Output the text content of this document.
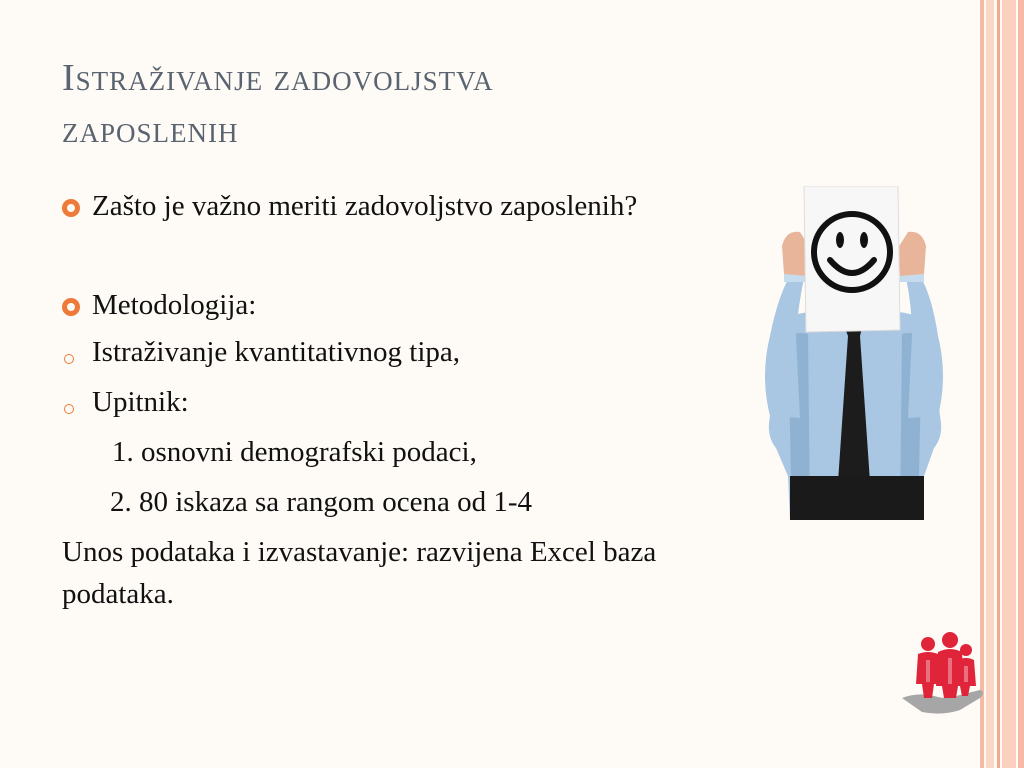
Istraživanje zadovoljstva
zaposlenih
Zašto je važno meriti zadovoljstvo zaposlenih?
Metodologija:
Istraživanje kvantitativnog tipa,
Upitnik:
1. osnovni demografski podaci,
2. 80 iskaza sa rangom ocena od 1-4
Unos podataka i izvastavanje: razvijena Excel baza
podataka.
